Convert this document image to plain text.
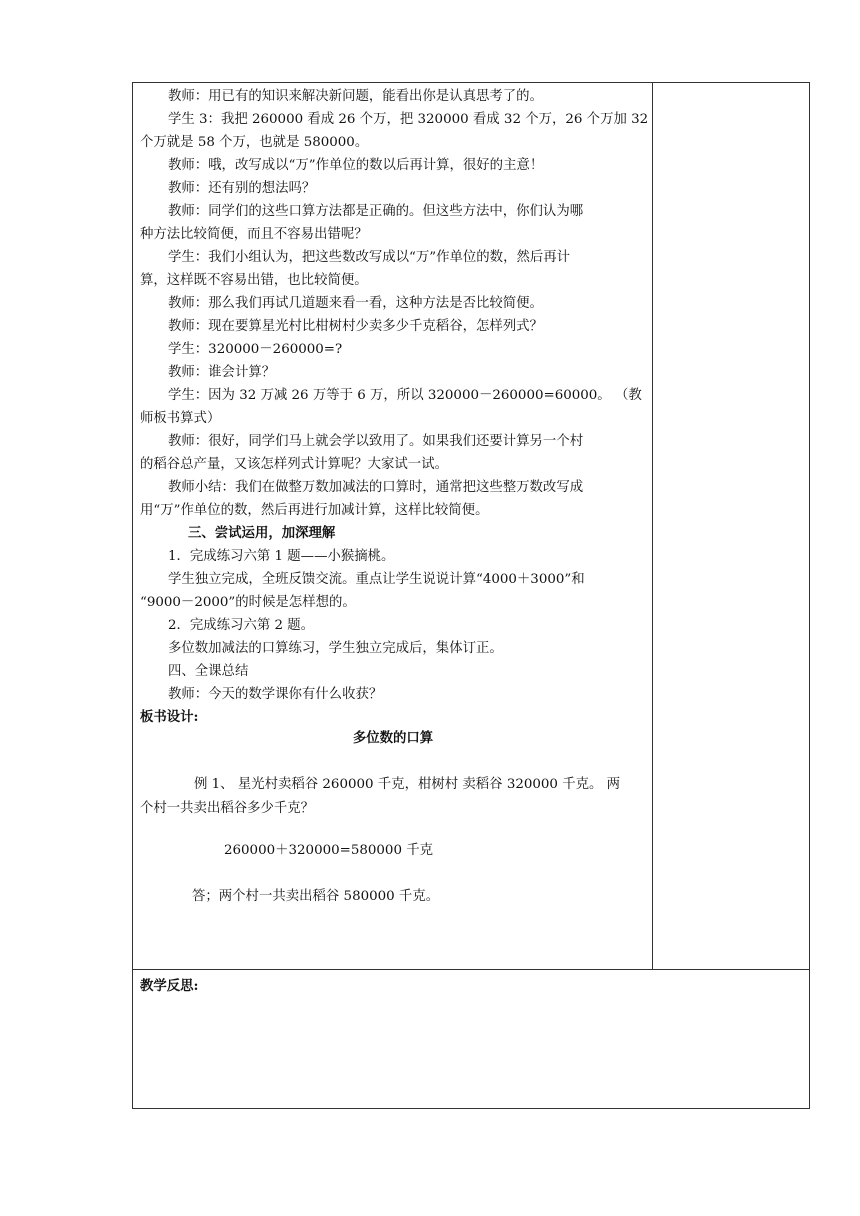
教师：用已有的知识来解决新问题，能看出你是认真思考了的。
学生 3：我把 260000 看成 26 个万，把 320000 看成 32 个万，26 个万加 32
个万就是 58 个万，也就是 580000。
教师：哦，改写成以“万”作单位的数以后再计算，很好的主意！
教师：还有别的想法吗？
教师：同学们的这些口算方法都是正确的。但这些方法中，你们认为哪
种方法比较简便，而且不容易出错呢？
学生：我们小组认为，把这些数改写成以“万”作单位的数，然后再计
算，这样既不容易出错，也比较简便。
教师：那么我们再试几道题来看一看，这种方法是否比较简便。
教师：现在要算星光村比柑树村少卖多少千克稻谷，怎样列式？
学生：320000－260000=?
教师：谁会计算？
学生：因为 32 万减 26 万等于 6 万，所以 320000－260000=60000。 （教
师板书算式）
教师：很好，同学们马上就会学以致用了。如果我们还要计算另一个村
的稻谷总产量，又该怎样列式计算呢？大家试一试。
教师小结：我们在做整万数加减法的口算时，通常把这些整万数改写成
用“万”作单位的数，然后再进行加减计算，这样比较简便。
三、尝试运用，加深理解
1．完成练习六第 1 题——小猴摘桃。
学生独立完成，全班反馈交流。重点让学生说说计算“4000＋3000”和
“9000－2000”的时候是怎样想的。
2．完成练习六第 2 题。
多位数加减法的口算练习，学生独立完成后，集体订正。
四、全课总结
教师：今天的数学课你有什么收获？
板书设计:
多位数的口算
例 1、 星光村卖稻谷 260000 千克，柑树村 卖稻谷 320000 千克。 两
个村一共卖出稻谷多少千克？
260000＋320000=580000 千克
答；两个村一共卖出稻谷 580000 千克。
教学反思:
